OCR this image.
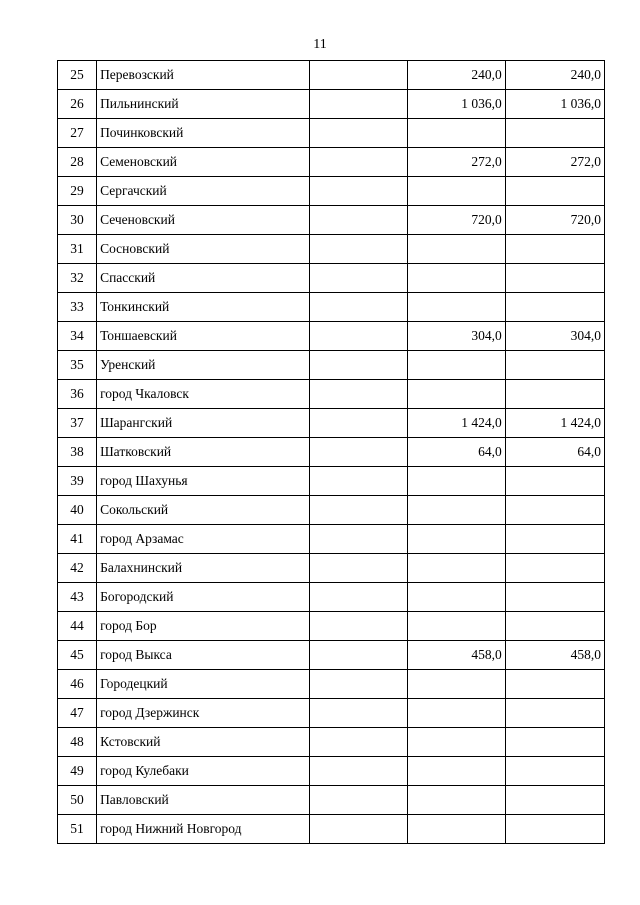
11
25	Перевозский		240,0	240,0
26	Пильнинский		1 036,0	1 036,0
27	Починковский			
28	Семеновский		272,0	272,0
29	Сергачский			
30	Сеченовский		720,0	720,0
31	Сосновский			
32	Спасский			
33	Тонкинский			
34	Тоншаевский		304,0	304,0
35	Уренский			
36	город Чкаловск			
37	Шарангский		1 424,0	1 424,0
38	Шатковский		64,0	64,0
39	город Шахунья			
40	Сокольский			
41	город Арзамас			
42	Балахнинский			
43	Богородский			
44	город Бор			
45	город Выкса		458,0	458,0
46	Городецкий			
47	город Дзержинск			
48	Кстовский			
49	город Кулебаки			
50	Павловский			
51	город Нижний Новгород			
